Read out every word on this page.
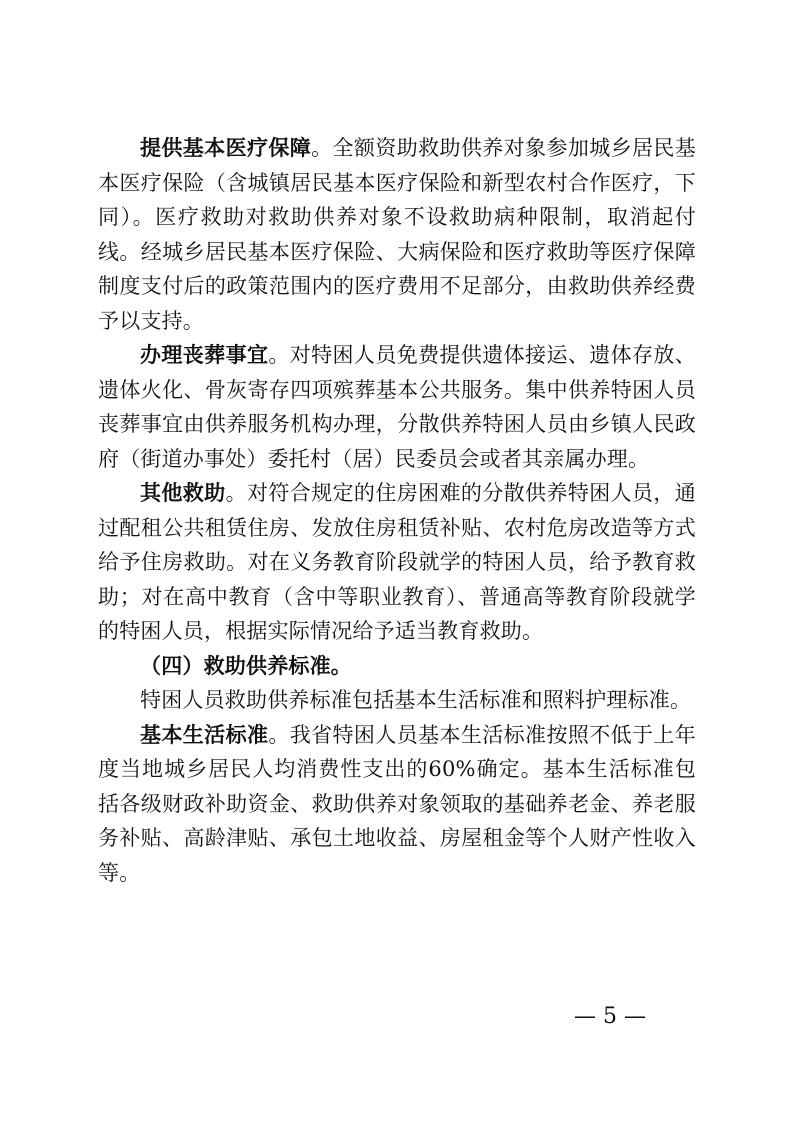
提供基本医疗保障。全额资助救助供养对象参加城乡居民基本医疗保险（含城镇居民基本医疗保险和新型农村合作医疗，下同）。医疗救助对救助供养对象不设救助病种限制，取消起付线。经城乡居民基本医疗保险、大病保险和医疗救助等医疗保障制度支付后的政策范围内的医疗费用不足部分，由救助供养经费予以支持。

办理丧葬事宜。对特困人员免费提供遗体接运、遗体存放、遗体火化、骨灰寄存四项殡葬基本公共服务。集中供养特困人员丧葬事宜由供养服务机构办理，分散供养特困人员由乡镇人民政府（街道办事处）委托村（居）民委员会或者其亲属办理。

其他救助。对符合规定的住房困难的分散供养特困人员，通过配租公共租赁住房、发放住房租赁补贴、农村危房改造等方式给予住房救助。对在义务教育阶段就学的特困人员，给予教育救助；对在高中教育（含中等职业教育）、普通高等教育阶段就学的特困人员，根据实际情况给予适当教育救助。

（四）救助供养标准。

特困人员救助供养标准包括基本生活标准和照料护理标准。

基本生活标准。我省特困人员基本生活标准按照不低于上年度当地城乡居民人均消费性支出的60%确定。基本生活标准包括各级财政补助资金、救助供养对象领取的基础养老金、养老服务补贴、高龄津贴、承包土地收益、房屋租金等个人财产性收入等。

— 5 —
